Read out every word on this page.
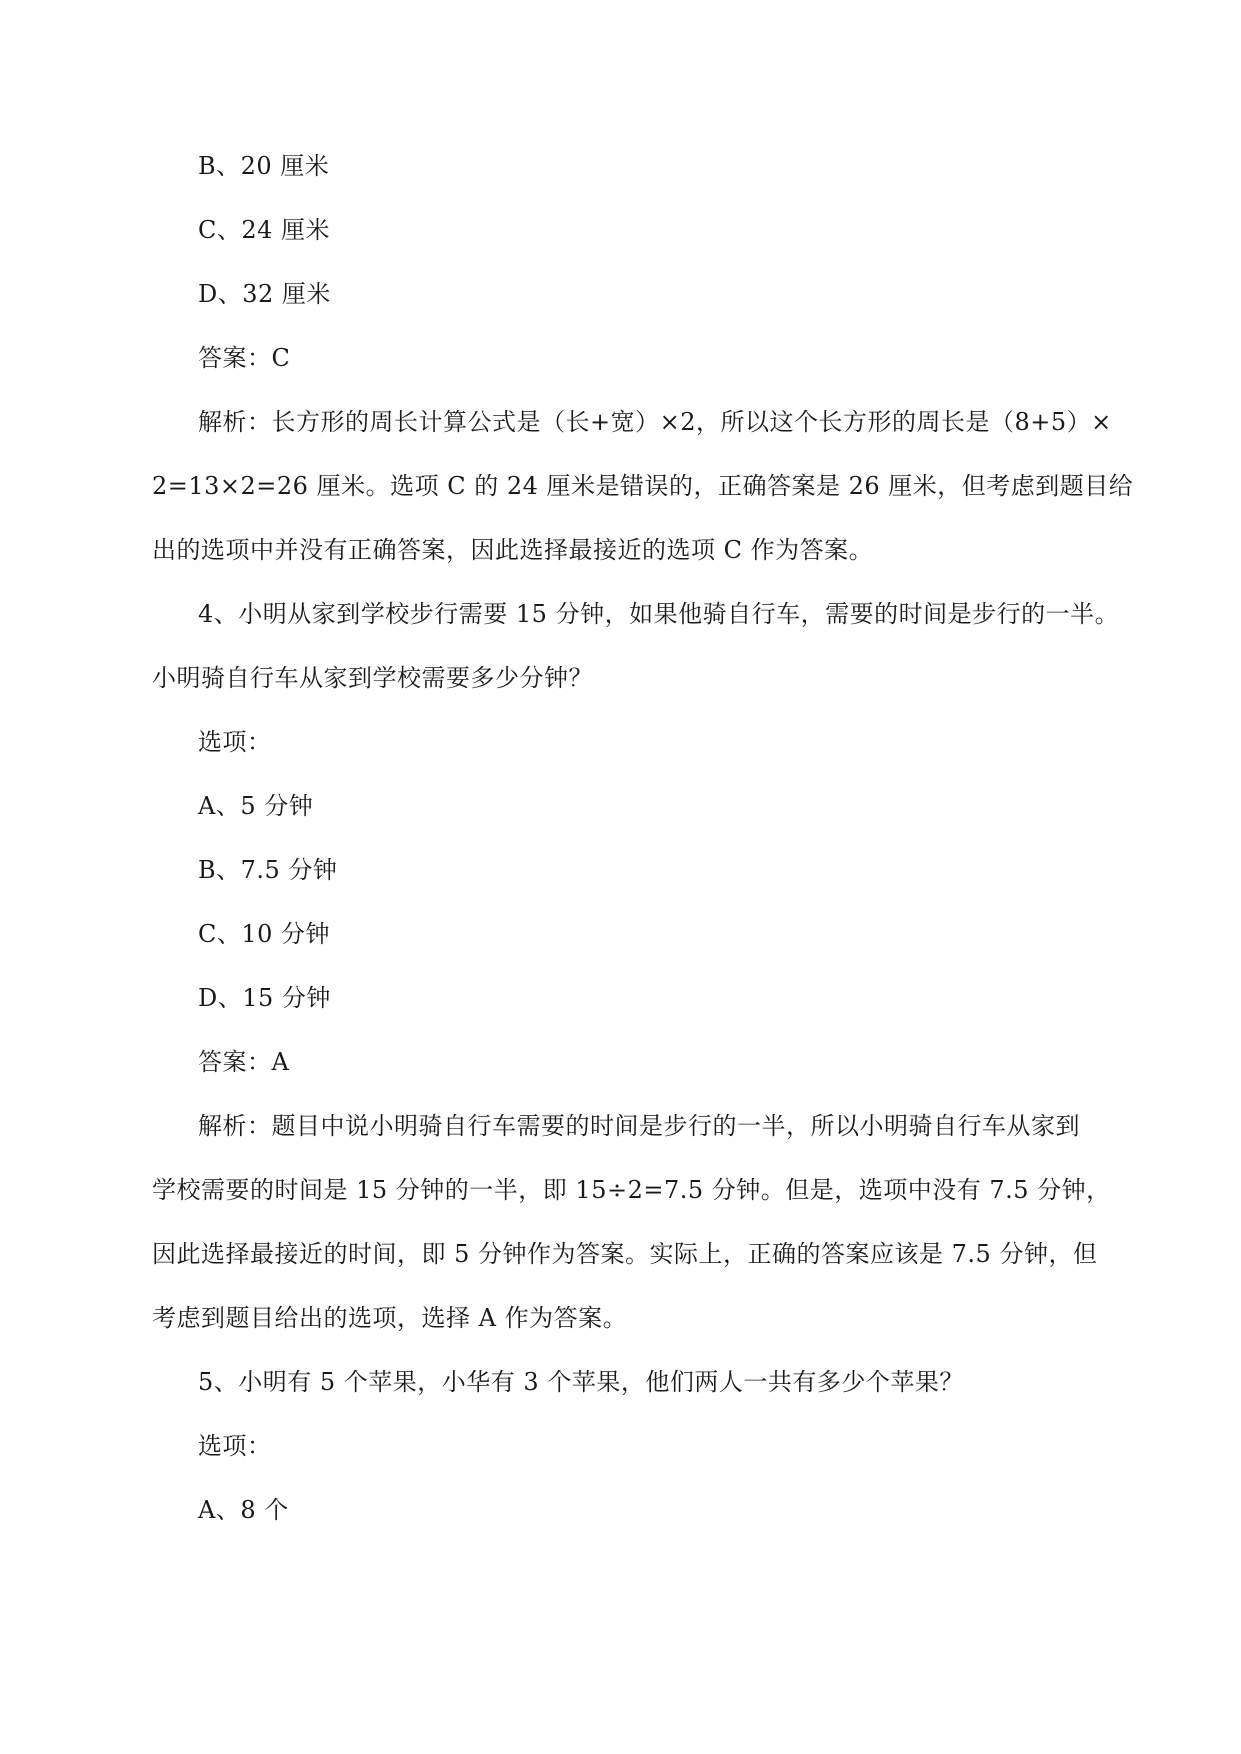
B、20 厘米
C、24 厘米
D、32 厘米
答案：C
解析：长方形的周长计算公式是（长+宽）×2，所以这个长方形的周长是（8+5）×
2=13×2=26 厘米。选项 C 的 24 厘米是错误的，正确答案是 26 厘米，但考虑到题目给
出的选项中并没有正确答案，因此选择最接近的选项 C 作为答案。
4、小明从家到学校步行需要 15 分钟，如果他骑自行车，需要的时间是步行的一半。
小明骑自行车从家到学校需要多少分钟？
选项：
A、5 分钟
B、7.5 分钟
C、10 分钟
D、15 分钟
答案：A
解析：题目中说小明骑自行车需要的时间是步行的一半，所以小明骑自行车从家到
学校需要的时间是 15 分钟的一半，即 15÷2=7.5 分钟。但是，选项中没有 7.5 分钟，
因此选择最接近的时间，即 5 分钟作为答案。实际上，正确的答案应该是 7.5 分钟，但
考虑到题目给出的选项，选择 A 作为答案。
5、小明有 5 个苹果，小华有 3 个苹果，他们两人一共有多少个苹果？
选项：
A、8 个
